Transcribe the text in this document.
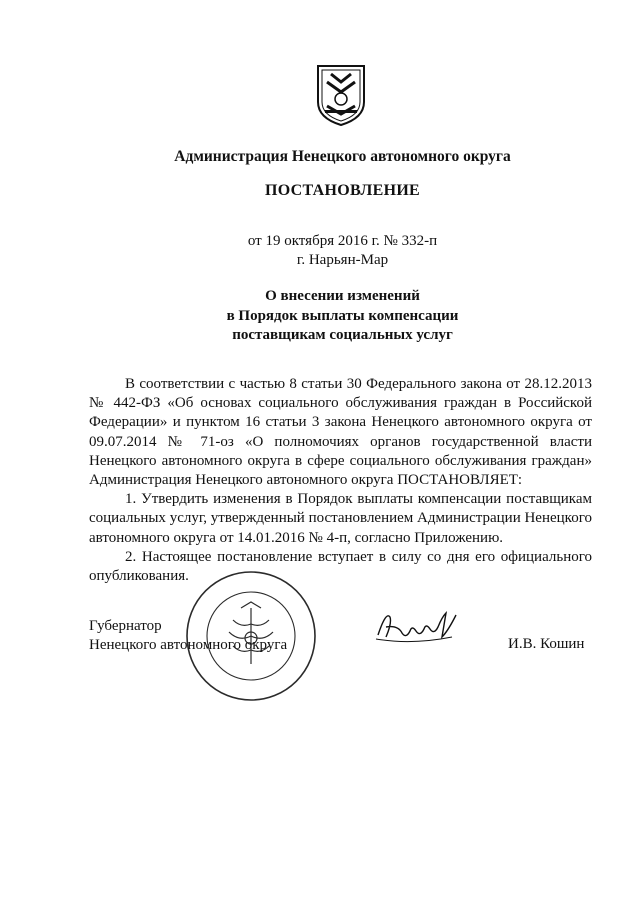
Администрация Ненецкого автономного округа
ПОСТАНОВЛЕНИЕ
от 19 октября 2016 г. № 332-п
г. Нарьян-Мар
О внесении изменений
в Порядок выплаты компенсации
поставщикам социальных услуг

В соответствии с частью 8 статьи 30 Федерального закона от 28.12.2013 № 442-ФЗ «Об основах социального обслуживания граждан в Российской Федерации» и пунктом 16 статьи 3 закона Ненецкого автономного округа от 09.07.2014 № 71-оз «О полномочиях органов государственной власти Ненецкого автономного округа в сфере социального обслуживания граждан» Администрация Ненецкого автономного округа ПОСТАНОВЛЯЕТ:

1. Утвердить изменения в Порядок выплаты компенсации поставщикам социальных услуг, утвержденный постановлением Администрации Ненецкого автономного округа от 14.01.2016 № 4-п, согласно Приложению.

2. Настоящее постановление вступает в силу со дня его официального опубликования.

Губернатор
Ненецкого автономного округа	И.В. Кошин
